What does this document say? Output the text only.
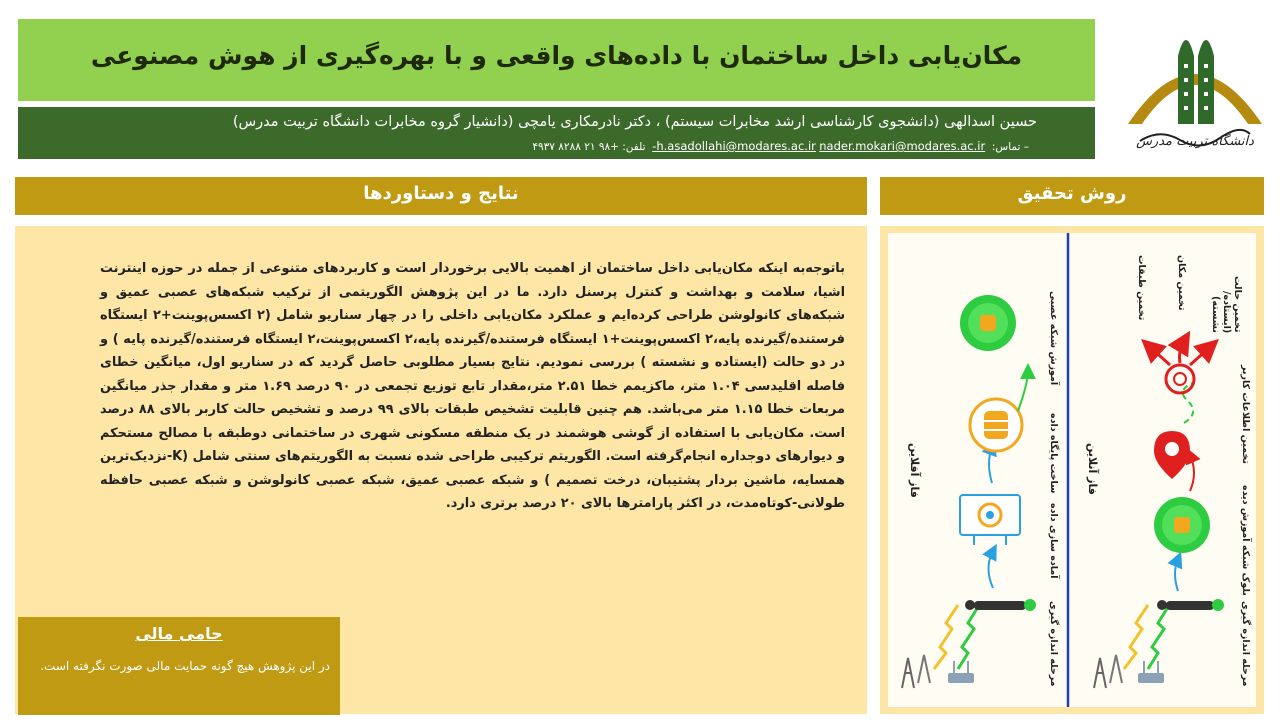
مکان‌یابی داخل ساختمان با داده‌های واقعی و با بهره‌گیری از هوش مصنوعی
حسین اسدالهی (دانشجوی کارشناسی ارشد مخابرات سیستم) ، دکتر نادرمکاری یامچی (دانشیار گروه مخابرات دانشگاه تربیت مدرس)
– تماس:  h.asadollahi@modares.ac.ir nader.mokari@modares.ac.ir-  تلفن: +۹۸ ۲۱ ۸۲۸۸ ۴۹۳۷	دانشگاه تربیت مدرس
نتایج و دستاوردها	روش تحقیق
باتوجه‌به اینکه مکان‌یابی داخل ساختمان از اهمیت بالایی برخوردار است و کاربردهای متنوعی از جمله در حوزه اینترنت اشیا، سلامت و بهداشت و کنترل پرسنل دارد. ما در این پژوهش الگوریتمی از ترکیب شبکه‌های عصبی عمیق و شبکه‌های کانولوشن طراحی کرده‌ایم و عملکرد مکان‌یابی داخلی را در چهار سناریو شامل (۲ اکسس‌پوینت+۲ ایستگاه فرستنده/گیرنده پایه،۲ اکسس‌پوینت+۱ ایستگاه فرستنده/گیرنده پایه،۲ اکسس‌پوینت،۲ ایستگاه فرستنده/گیرنده پایه ) و در دو حالت (ایستاده و نشسته ) بررسی نمودیم. نتایج بسیار مطلوبی حاصل گردید که در سناریو اول، میانگین خطای فاصله اقلیدسی ۱.۰۴ متر، ماکزیمم خطا ۲.۵۱ متر،مقدار تابع توزیع تجمعی در ۹۰ درصد ۱.۶۹ متر و مقدار جذر میانگین مربعات خطا ۱.۱۵ متر می‌باشد. هم چنین قابلیت تشخیص طبقات بالای ۹۹ درصد و تشخیص حالت کاربر بالای ۸۸ درصد است. مکان‌یابی با استفاده از گوشی هوشمند در یک منطقه مسکونی شهری در ساختمانی دوطبقه با مصالح مستحکم و دیوارهای دوجداره انجام‌گرفته است. الگوریتم ترکیبی طراحی شده نسبت به الگوریتم‌های سنتی شامل (K-نزدیک‌ترین همسایه، ماشین بردار پشتیبان، درخت تصمیم ) و شبکه عصبی عمیق، شبکه عصبی کانولوشن و شبکه عصبی حافظه طولانی-کوتاه‌مدت، در اکثر پارامترها بالای ۲۰ درصد برتری دارد.
حامی مالی
در این پژوهش هیچ گونه حمایت مالی صورت نگرفته است.
فاز آفلاین
مرحله اندازه گیری
آماده سازی داده
ساخت پایگاه داده
آموزش شبکه عصبی
فاز آنلاین
مرحله اندازه گیری
بلوک شبکه آموزش دیده
تخمین اطلاعات کاربر
تخمین طبقات	تخمین مکان	تخمین حالت (ایستاده/ نشسته)
